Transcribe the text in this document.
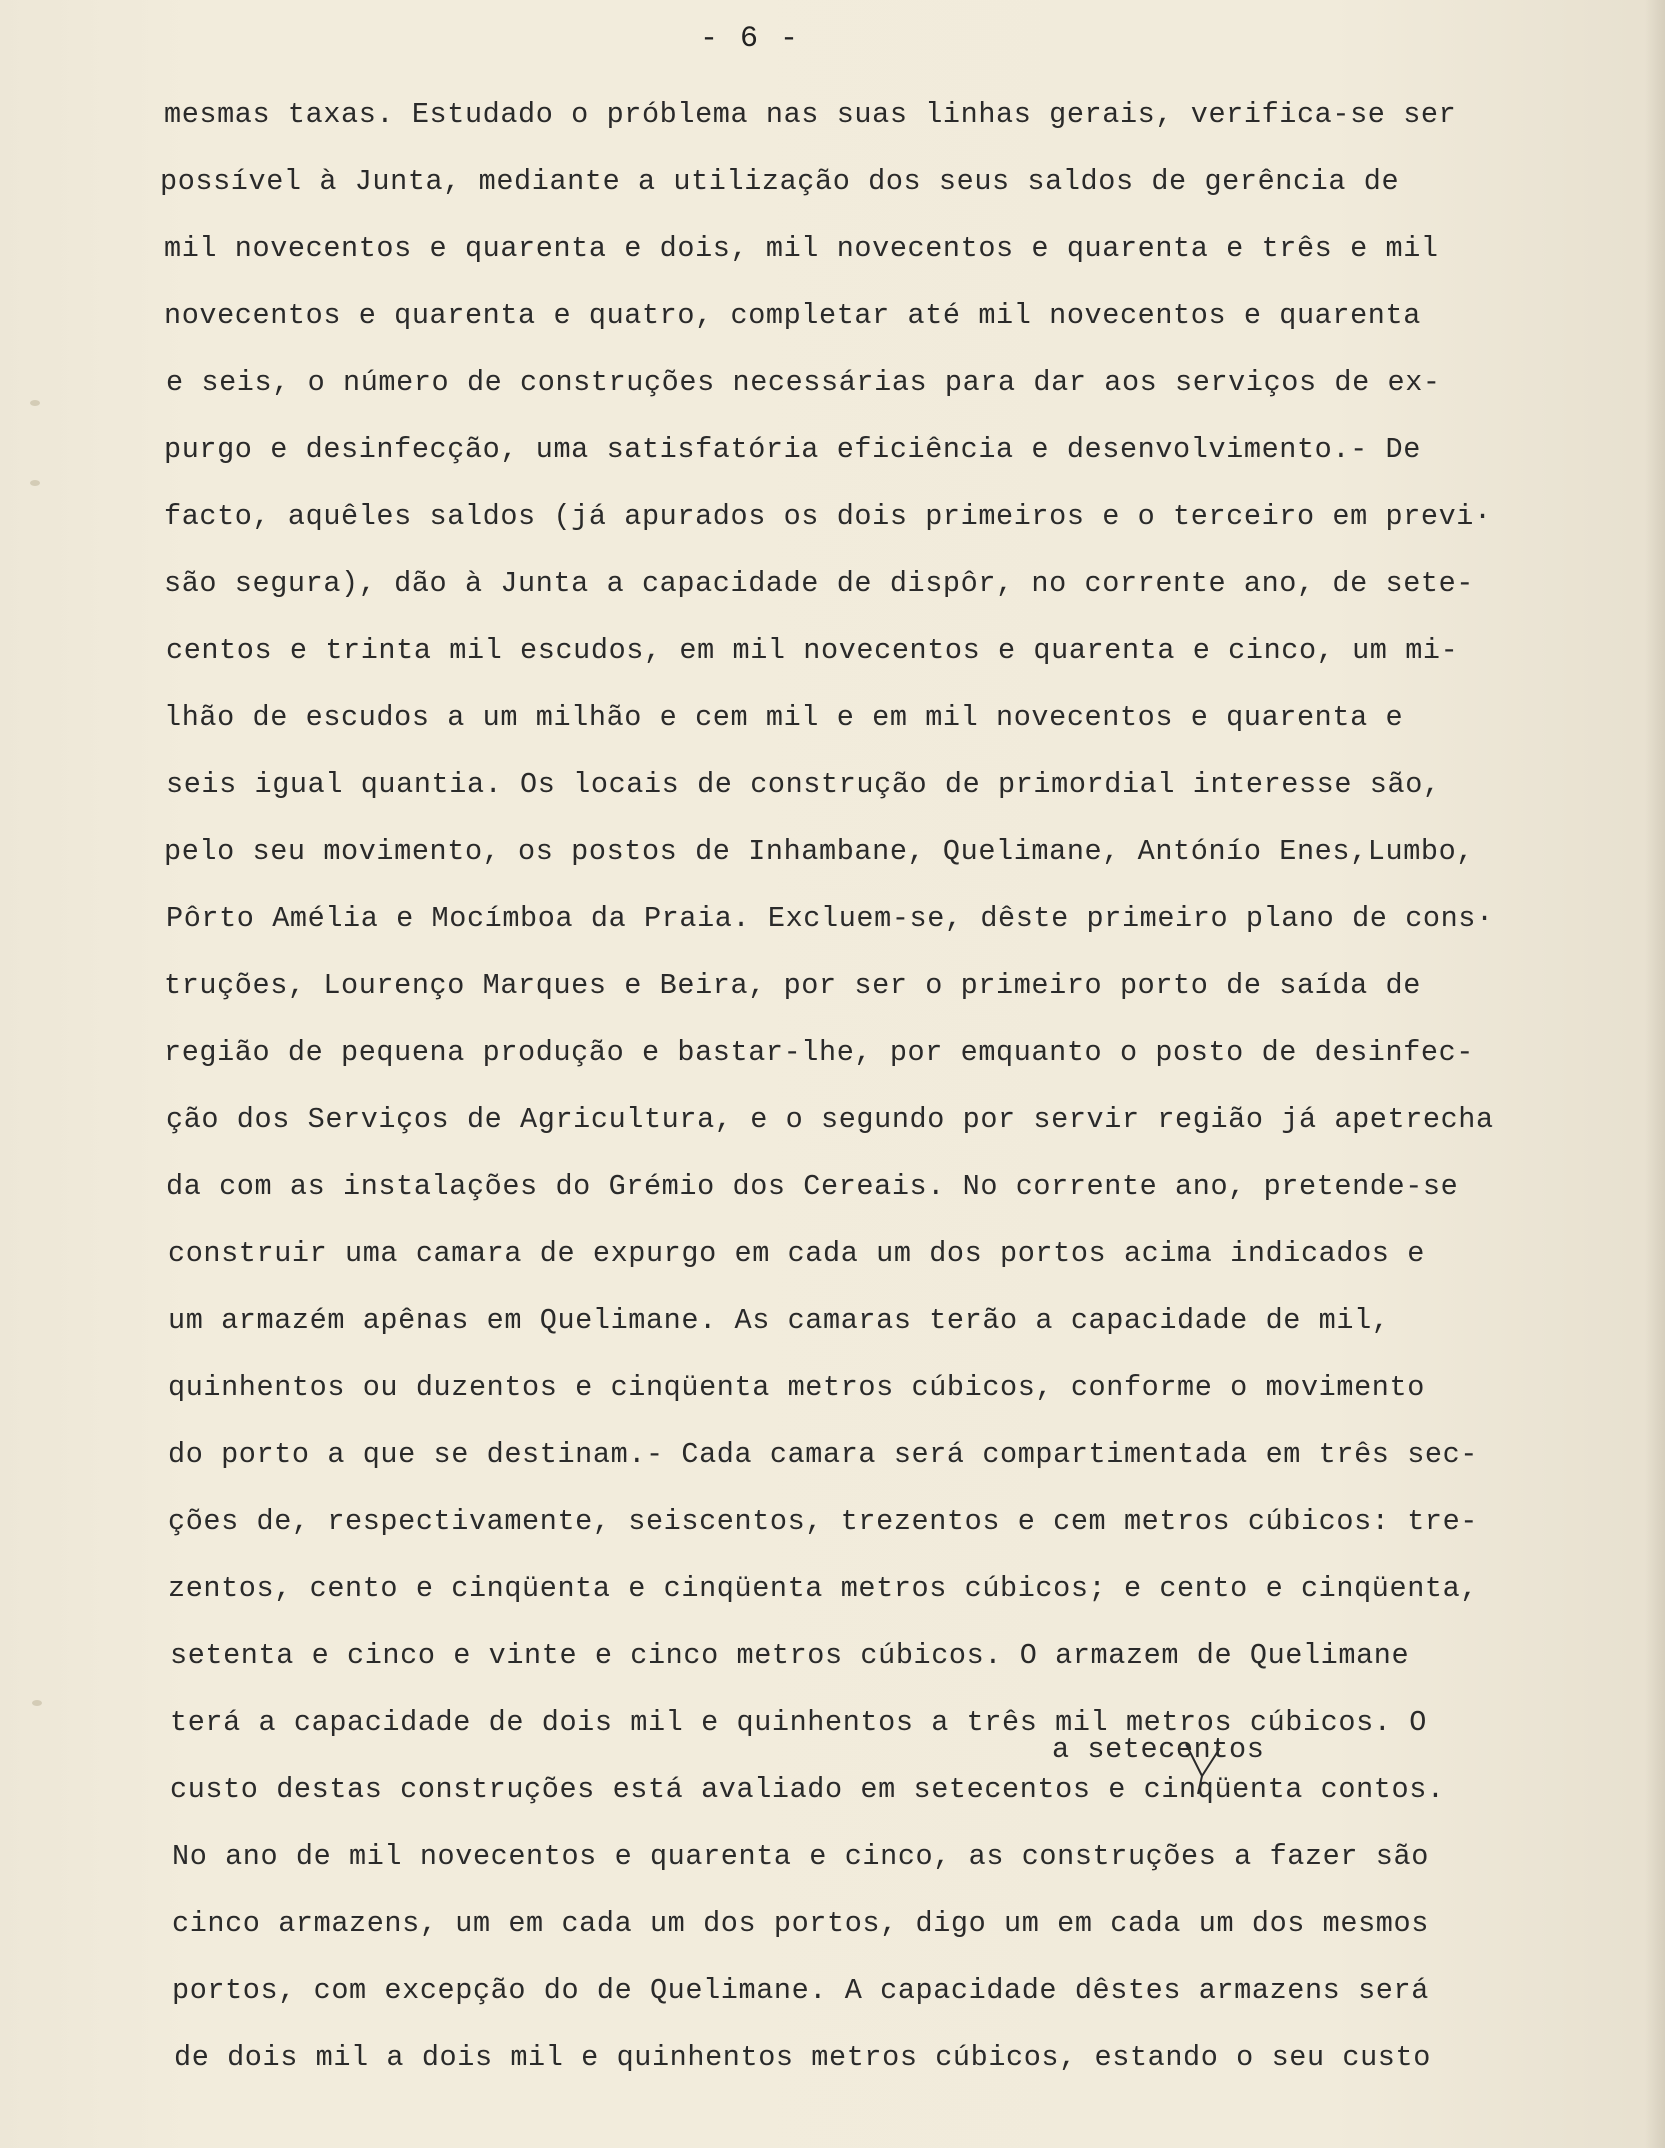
- 6 -
mesmas taxas. Estudado o próblema nas suas linhas gerais, verifica-se ser
possível à Junta, mediante a utilização dos seus saldos de gerência de
mil novecentos e quarenta e dois, mil novecentos e quarenta e três e mil
novecentos e quarenta e quatro, completar até mil novecentos e quarenta
e seis, o número de construções necessárias para dar aos serviços de ex-
purgo e desinfecção, uma satisfatória eficiência e desenvolvimento.- De
facto, aquêles saldos (já apurados os dois primeiros e o terceiro em previ·
são segura), dão à Junta a capacidade de dispôr, no corrente ano, de sete-
centos e trinta mil escudos, em mil novecentos e quarenta e cinco, um mi-
lhão de escudos a um milhão e cem mil e em mil novecentos e quarenta e
seis igual quantia. Os locais de construção de primordial interesse são,
pelo seu movimento, os postos de Inhambane, Quelimane, Antónío Enes,Lumbo,
Pôrto Amélia e Mocímboa da Praia. Excluem-se, dêste primeiro plano de cons·
truções, Lourenço Marques e Beira, por ser o primeiro porto de saída de
região de pequena produção e bastar-lhe, por emquanto o posto de desinfec-
ção dos Serviços de Agricultura, e o segundo por servir região já apetrecha
da com as instalações do Grémio dos Cereais. No corrente ano, pretende-se
construir uma camara de expurgo em cada um dos portos acima indicados e
um armazém apênas em Quelimane. As camaras terão a capacidade de mil,
quinhentos ou duzentos e cinqüenta metros cúbicos, conforme o movimento
do porto a que se destinam.- Cada camara será compartimentada em três sec-
ções de, respectivamente, seiscentos, trezentos e cem metros cúbicos: tre-
zentos, cento e cinqüenta e cinqüenta metros cúbicos; e cento e cinqüenta,
setenta e cinco e vinte e cinco metros cúbicos. O armazem de Quelimane
terá a capacidade de dois mil e quinhentos a três mil metros cúbicos. O
custo destas construções está avaliado em setecentos e cinqüenta contos.
No ano de mil novecentos e quarenta e cinco, as construções a fazer são
cinco armazens, um em cada um dos portos, digo um em cada um dos mesmos
portos, com excepção do de Quelimane. A capacidade dêstes armazens será
de dois mil a dois mil e quinhentos metros cúbicos, estando o seu custo
a setecentos
